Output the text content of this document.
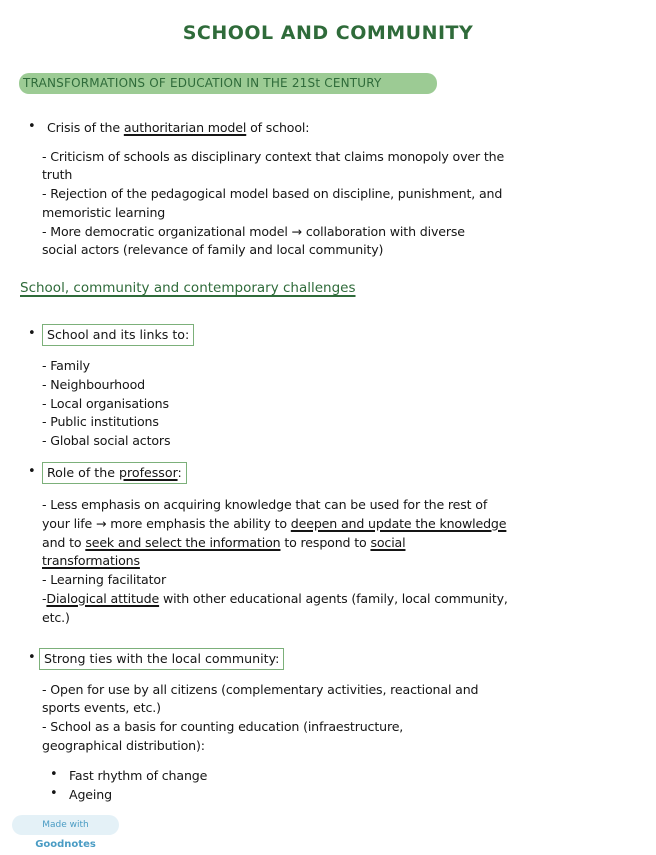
SCHOOL AND COMMUNITY
TRANSFORMATIONS OF EDUCATION IN THE 21St CENTURY
• Crisis of the authoritarian model of school:
- Criticism of schools as disciplinary context that claims monopoly over the
truth
- Rejection of the pedagogical model based on discipline, punishment, and
memoristic learning
- More democratic organizational model → collaboration with diverse
social actors (relevance of family and local community)
School, community and contemporary challenges
• School and its links to:
- Family
- Neighbourhood
- Local organisations
- Public institutions
- Global social actors
• Role of the professor:
- Less emphasis on acquiring knowledge that can be used for the rest of
your life → more emphasis the ability to deepen and update the knowledge
and to seek and select the information to respond to social
transformations
- Learning facilitator
-Dialogical attitude with other educational agents (family, local community,
etc.)
• Strong ties with the local community:
- Open for use by all citizens (complementary activities, reactional and
sports events, etc.)
- School as a basis for counting education (infraestructure,
geographical distribution):
• Fast rhythm of change
• Ageing
Made with Goodnotes
